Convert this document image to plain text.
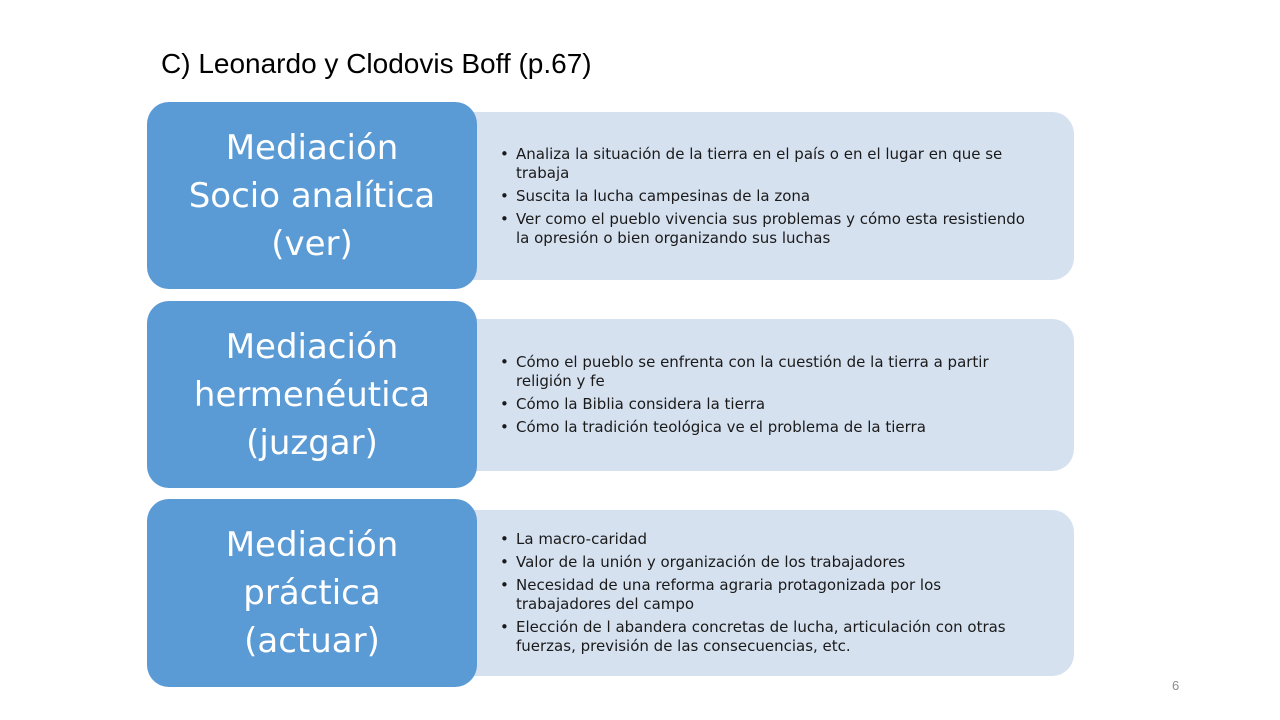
C) Leonardo y Clodovis Boff (p.67)
• Analiza la situación de la tierra en el país o en el lugar en que se trabaja
• Suscita la lucha campesinas de la zona
• Ver como el pueblo vivencia sus problemas y cómo esta resistiendo la opresión o bien organizando sus luchas
Mediación
Socio analítica
(ver)
• Cómo el pueblo se enfrenta con la cuestión de la tierra a partir religión y fe
• Cómo la Biblia considera la tierra
• Cómo la tradición teológica ve el problema de la tierra
Mediación
hermenéutica
(juzgar)
• La macro-caridad
• Valor de la unión y organización de los trabajadores
• Necesidad de una reforma agraria protagonizada por los trabajadores del campo
• Elección de l abandera concretas de lucha, articulación con otras fuerzas, previsión de las consecuencias, etc.
Mediación
práctica
(actuar)
6
